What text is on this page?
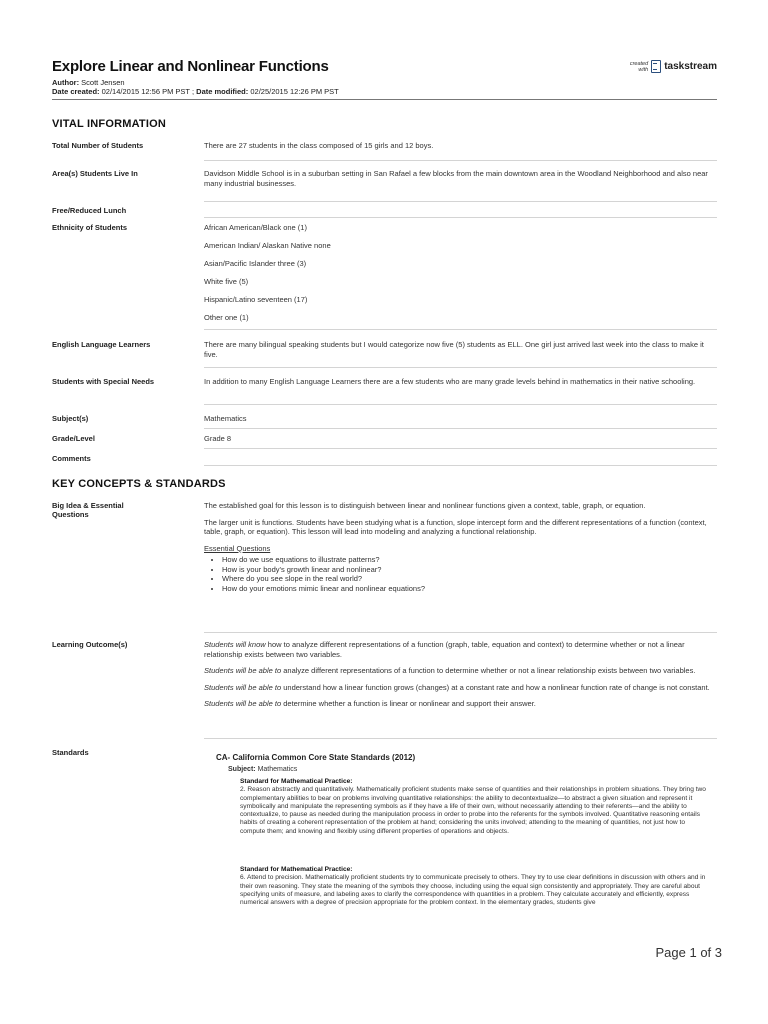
Explore Linear and Nonlinear Functions
Author: Scott Jensen
Date created: 02/14/2015 12:56 PM PST ; Date modified: 02/25/2015 12:26 PM PST
created
with taskstream
VITAL INFORMATION
Total Number of Students	There are 27 students in the class composed of 15 girls and 12 boys.
Area(s) Students Live In	Davidson Middle School is in a suburban setting in San Rafael a few blocks from the main downtown area in the Woodland Neighborhood and also near many industrial businesses.
Free/Reduced Lunch
Ethnicity of Students	African American/Black one (1)
American Indian/ Alaskan Native none
Asian/Pacific Islander three (3)
White five (5)
Hispanic/Latino seventeen (17)
Other one (1)
English Language Learners	There are many bilingual speaking students but I would categorize now five (5) students as ELL. One girl just arrived last week into the class to make it five.
Students with Special Needs	In addition to many English Language Learners there are a few students who are many grade levels behind in mathematics in their native schooling.
Subject(s)	Mathematics
Grade/Level	Grade 8
Comments
KEY CONCEPTS & STANDARDS
Big Idea & Essential Questions

The established goal for this lesson is to distinguish between linear and nonlinear functions given a context, table, graph, or equation.

The larger unit is functions. Students have been studying what is a function, slope intercept form and the different representations of a function (context, table, graph, or equation). This lesson will lead into modeling and analyzing a functional relationship.

Essential Questions
• How do we use equations to illustrate patterns?
• How is your body's growth linear and nonlinear?
• Where do you see slope in the real world?
• How do your emotions mimic linear and nonlinear equations?
Learning Outcome(s)	Students will know how to analyze different representations of a function (graph, table, equation and context) to determine whether or not a linear relationship exists between two variables.

Students will be able to analyze different representations of a function to determine whether or not a linear relationship exists between two variables.

Students will be able to understand how a linear function grows (changes) at a constant rate and how a nonlinear function rate of change is not constant.

Students will be able to determine whether a function is linear or nonlinear and support their answer.

Standards
CA- California Common Core State Standards (2012)
Subject: Mathematics
Standard for Mathematical Practice:
2. Reason abstractly and quantitatively. Mathematically proficient students make sense of quantities and their relationships in problem situations. They bring two complementary abilities to bear on problems involving quantitative relationships: the ability to decontextualize—to abstract a given situation and represent it symbolically and manipulate the representing symbols as if they have a life of their own, without necessarily attending to their referents—and the ability to contextualize, to pause as needed during the manipulation process in order to probe into the referents for the symbols involved. Quantitative reasoning entails habits of creating a coherent representation of the problem at hand; considering the units involved; attending to the meaning of quantities, not just how to compute them; and knowing and flexibly using different properties of operations and objects.
Standard for Mathematical Practice:
6. Attend to precision. Mathematically proficient students try to communicate precisely to others. They try to use clear definitions in discussion with others and in their own reasoning. They state the meaning of the symbols they choose, including using the equal sign consistently and appropriately. They are careful about specifying units of measure, and labeling axes to clarify the correspondence with quantities in a problem. They calculate accurately and efficiently, express numerical answers with a degree of precision appropriate for the problem context. In the elementary grades, students give
Page 1 of 3
